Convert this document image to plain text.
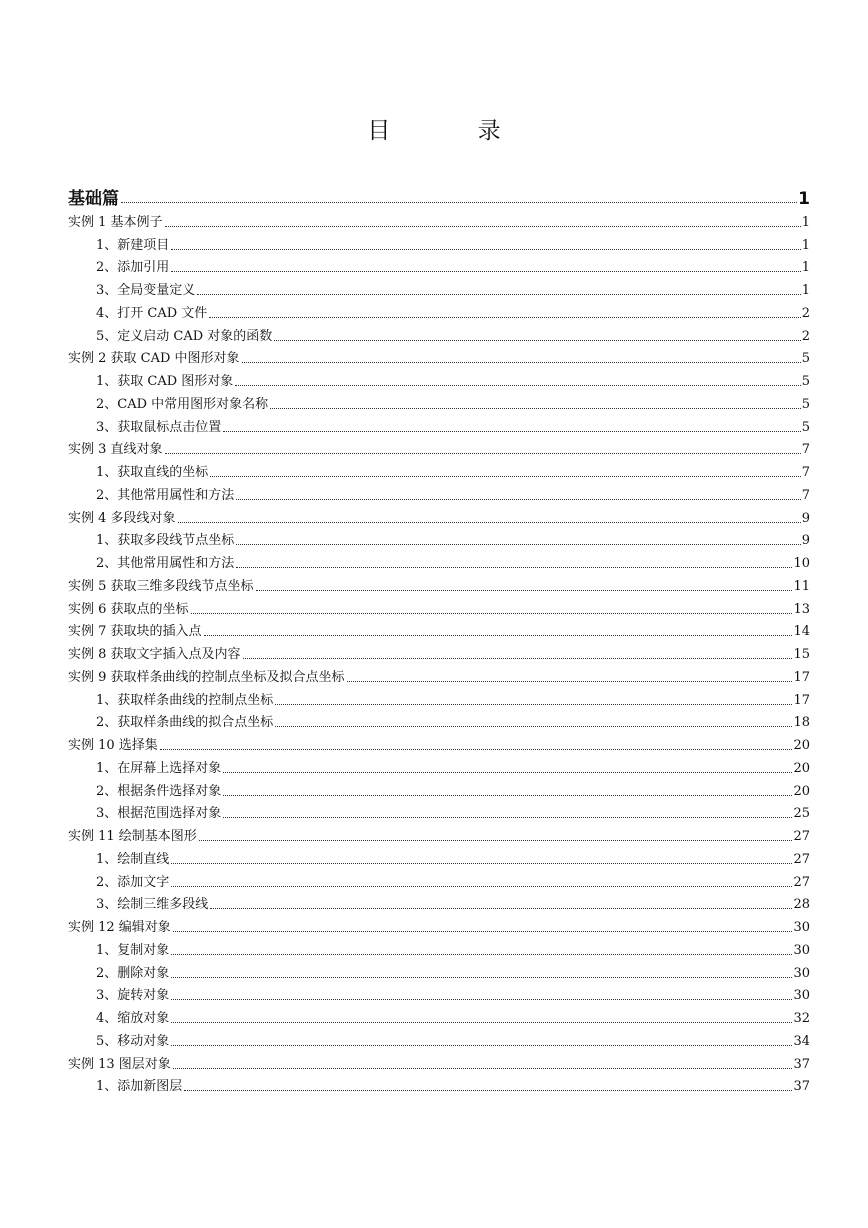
目 录
基础篇	1
实例 1 基本例子	1
1、新建项目	1
2、添加引用	1
3、全局变量定义	1
4、打开 CAD 文件	2
5、定义启动 CAD 对象的函数	2
实例 2 获取 CAD 中图形对象	5
1、获取 CAD 图形对象	5
2、CAD 中常用图形对象名称	5
3、获取鼠标点击位置	5
实例 3 直线对象	7
1、获取直线的坐标	7
2、其他常用属性和方法	7
实例 4 多段线对象	9
1、获取多段线节点坐标	9
2、其他常用属性和方法	10
实例 5 获取三维多段线节点坐标	11
实例 6 获取点的坐标	13
实例 7 获取块的插入点	14
实例 8 获取文字插入点及内容	15
实例 9 获取样条曲线的控制点坐标及拟合点坐标	17
1、获取样条曲线的控制点坐标	17
2、获取样条曲线的拟合点坐标	18
实例 10 选择集	20
1、在屏幕上选择对象	20
2、根据条件选择对象	20
3、根据范围选择对象	25
实例 11 绘制基本图形	27
1、绘制直线	27
2、添加文字	27
3、绘制三维多段线	28
实例 12 编辑对象	30
1、复制对象	30
2、删除对象	30
3、旋转对象	30
4、缩放对象	32
5、移动对象	34
实例 13 图层对象	37
1、添加新图层	37
